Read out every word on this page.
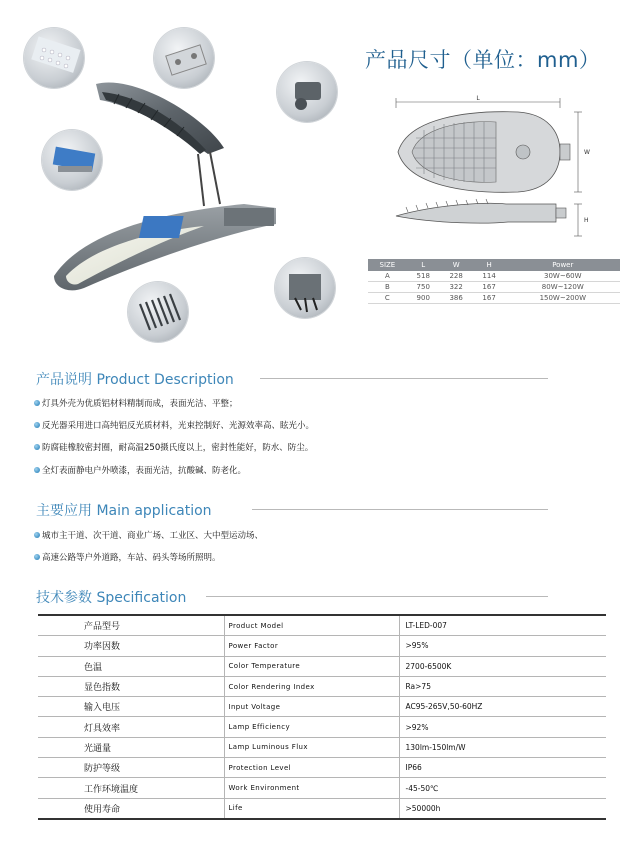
产品尺寸（单位：mm）
L
W
H
SIZE	L	W	H	Power
A	518	228	114	30W~60W
B	750	322	167	80W~120W
C	900	386	167	150W~200W
产品说明 Product Description
灯具外壳为优质铝材料精制而成，表面光洁、平整；
反光器采用进口高纯铝反光质材料，光束控制好、光源效率高、眩光小。
防腐硅橡胶密封圈，耐高温250摄氏度以上，密封性能好，防水、防尘。
全灯表面静电户外喷漆，表面光洁，抗酸碱、防老化。
主要应用 Main application
城市主干道、次干道、商业广场、工业区、大中型运动场、
高速公路等户外道路，车站、码头等场所照明。
技术参数 Specification
产品型号	Product Model	LT-LED-007
功率因数	Power Factor	>95%
色温	Color Temperature	2700-6500K
显色指数	Color Rendering Index	Ra>75
输入电压	Input Voltage	AC95-265V,50-60HZ
灯具效率	Lamp Efficiency	>92%
光通量	Lamp Luminous Flux	130lm-150lm/W
防护等级	Protection Level	IP66
工作环境温度	Work Environment	-45-50℃
使用寿命	Life	>50000h
